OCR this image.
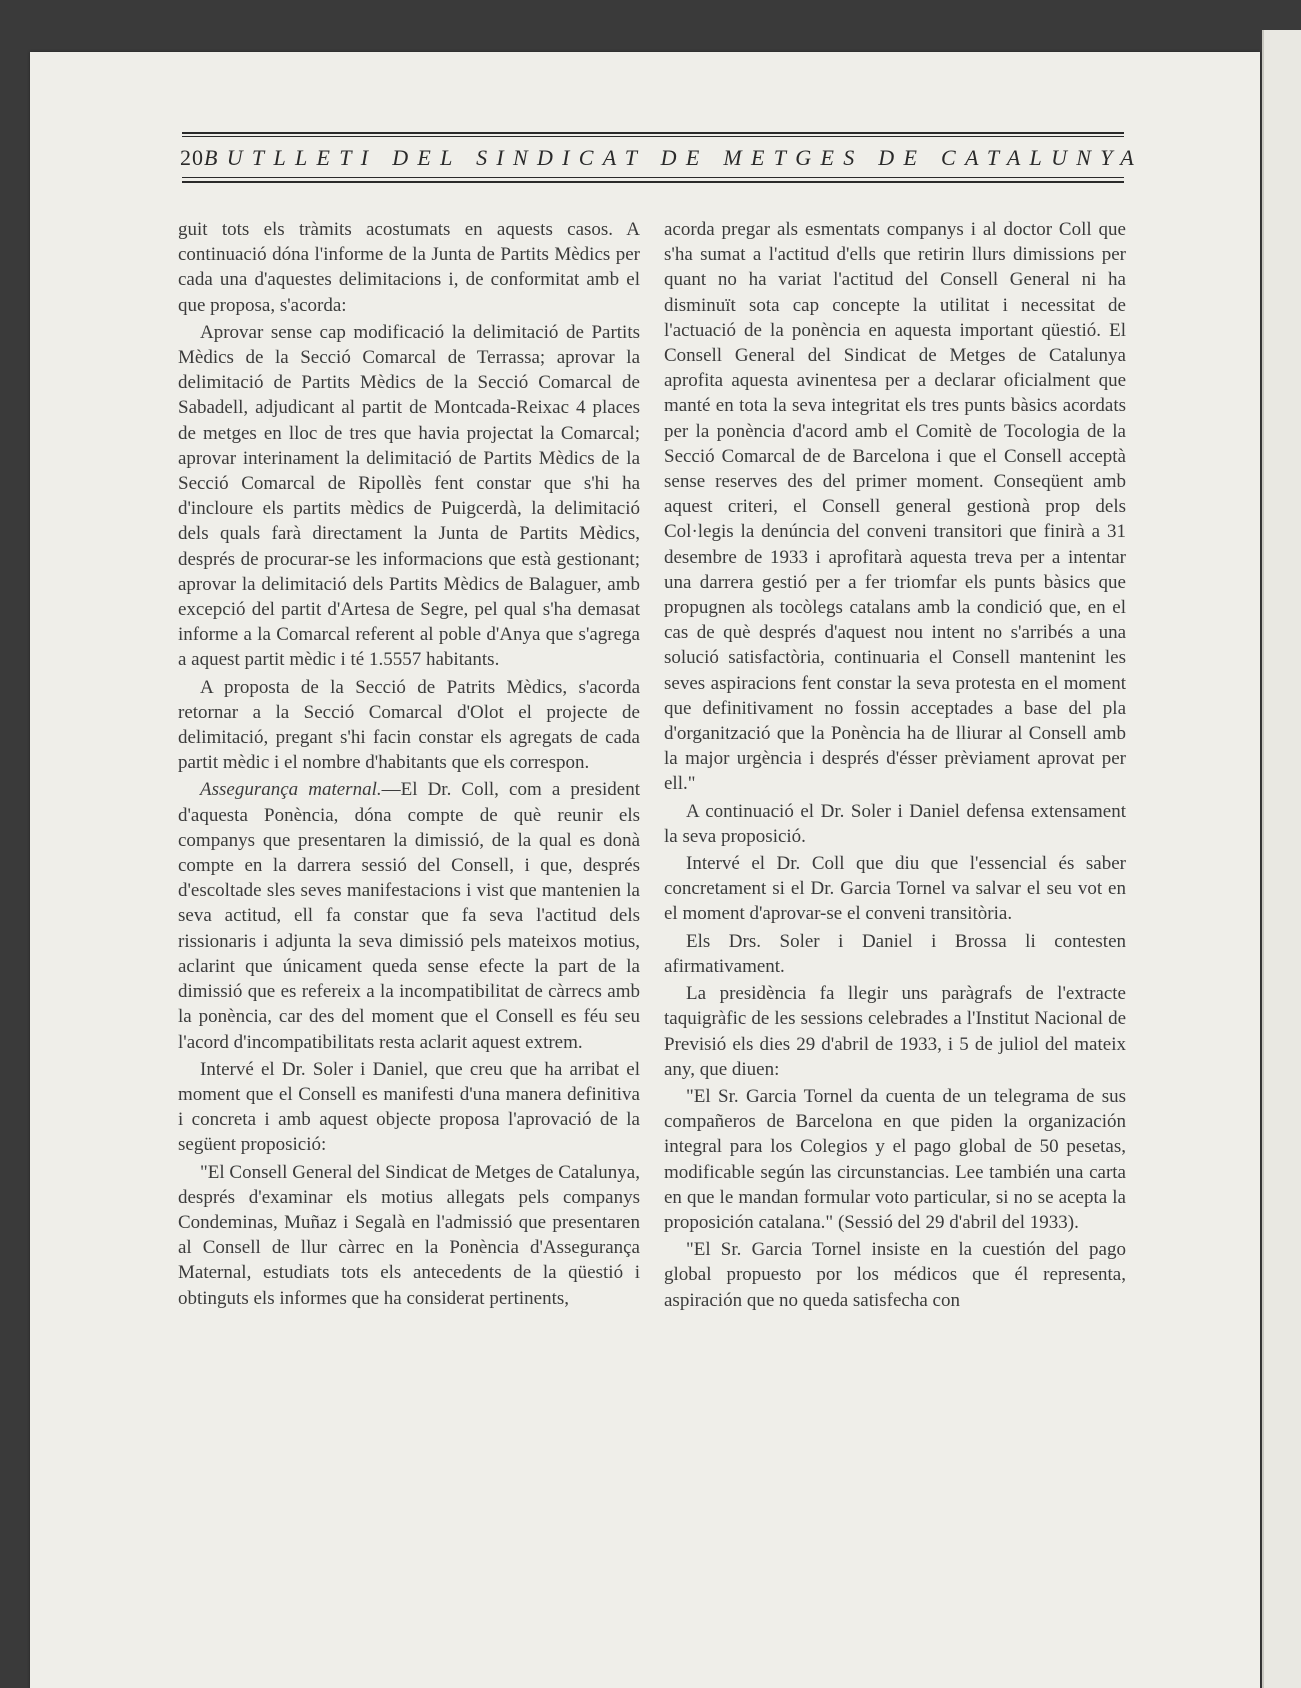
20 BUTLLETI DEL SINDICAT DE METGES DE CATALUNYA

guit tots els tràmits acostumats en aquests casos. A continuació dóna l'informe de la Junta de Partits Mèdics per cada una d'aquestes delimitacions i, de conformitat amb el que proposa, s'acorda:

Aprovar sense cap modificació la delimitació de Partits Mèdics de la Secció Comarcal de Terrassa; aprovar la delimitació de Partits Mèdics de la Secció Comarcal de Sabadell, adjudicant al partit de Montcada-Reixac 4 places de metges en lloc de tres que havia projectat la Comarcal; aprovar interinament la delimitació de Partits Mèdics de la Secció Comarcal de Ripollès fent constar que s'hi ha d'incloure els partits mèdics de Puigcerdà, la delimitació dels quals farà directament la Junta de Partits Mèdics, després de procurar-se les informacions que està gestionant; aprovar la delimitació dels Partits Mèdics de Balaguer, amb excepció del partit d'Artesa de Segre, pel qual s'ha demasat informe a la Comarcal referent al poble d'Anya que s'agrega a aquest partit mèdic i té 1.5557 habitants.

A proposta de la Secció de Patrits Mèdics, s'acorda retornar a la Secció Comarcal d'Olot el projecte de delimitació, pregant s'hi facin constar els agregats de cada partit mèdic i el nombre d'habitants que els correspon.

Assegurança maternal.—El Dr. Coll, com a president d'aquesta Ponència, dóna compte de què reunir els companys que presentaren la dimissió, de la qual es donà compte en la darrera sessió del Consell, i que, després d'escoltade sles seves manifestacions i vist que mantenien la seva actitud, ell fa constar que fa seva l'actitud dels rissionaris i adjunta la seva dimissió pels mateixos motius, aclarint que únicament queda sense efecte la part de la dimissió que es refereix a la incompatibilitat de càrrecs amb la ponència, car des del moment que el Consell es féu seu l'acord d'incompatibilitats resta aclarit aquest extrem.

Intervé el Dr. Soler i Daniel, que creu que ha arribat el moment que el Consell es manifesti d'una manera definitiva i concreta i amb aquest objecte proposa l'aprovació de la següent proposició:

"El Consell General del Sindicat de Metges de Catalunya, després d'examinar els motius allegats pels companys Condeminas, Muñaz i Segalà en l'admissió que presentaren al Consell de llur càrrec en la Ponència d'Assegurança Maternal, estudiats tots els antecedents de la qüestió i obtinguts els informes que ha considerat pertinents,

acorda pregar als esmentats companys i al doctor Coll que s'ha sumat a l'actitud d'ells que retirin llurs dimissions per quant no ha variat l'actitud del Consell General ni ha disminuït sota cap concepte la utilitat i necessitat de l'actuació de la ponència en aquesta important qüestió. El Consell General del Sindicat de Metges de Catalunya aprofita aquesta avinentesa per a declarar oficialment que manté en tota la seva integritat els tres punts bàsics acordats per la ponència d'acord amb el Comitè de Tocologia de la Secció Comarcal de de Barcelona i que el Consell acceptà sense reserves des del primer moment. Conseqüent amb aquest criteri, el Consell general gestionà prop dels Col·legis la denúncia del conveni transitori que finirà a 31 desembre de 1933 i aprofitarà aquesta treva per a intentar una darrera gestió per a fer triomfar els punts bàsics que propugnen als tocòlegs catalans amb la condició que, en el cas de què després d'aquest nou intent no s'arribés a una solució satisfactòria, continuaria el Consell mantenint les seves aspiracions fent constar la seva protesta en el moment que definitivament no fossin acceptades a base del pla d'organització que la Ponència ha de lliurar al Consell amb la major urgència i després d'ésser prèviament aprovat per ell."

A continuació el Dr. Soler i Daniel defensa extensament la seva proposició.

Intervé el Dr. Coll que diu que l'essencial és saber concretament si el Dr. Garcia Tornel va salvar el seu vot en el moment d'aprovar-se el conveni transitòria.

Els Drs. Soler i Daniel i Brossa li contesten afirmativament.

La presidència fa llegir uns paràgrafs de l'extracte taquigràfic de les sessions celebrades a l'Institut Nacional de Previsió els dies 29 d'abril de 1933, i 5 de juliol del mateix any, que diuen:

"El Sr. Garcia Tornel da cuenta de un telegrama de sus compañeros de Barcelona en que piden la organización integral para los Colegios y el pago global de 50 pesetas, modificable según las circunstancias. Lee también una carta en que le mandan formular voto particular, si no se acepta la proposición catalana." (Sessió del 29 d'abril del 1933).

"El Sr. Garcia Tornel insiste en la cuestión del pago global propuesto por los médicos que él representa, aspiración que no queda satisfecha con
